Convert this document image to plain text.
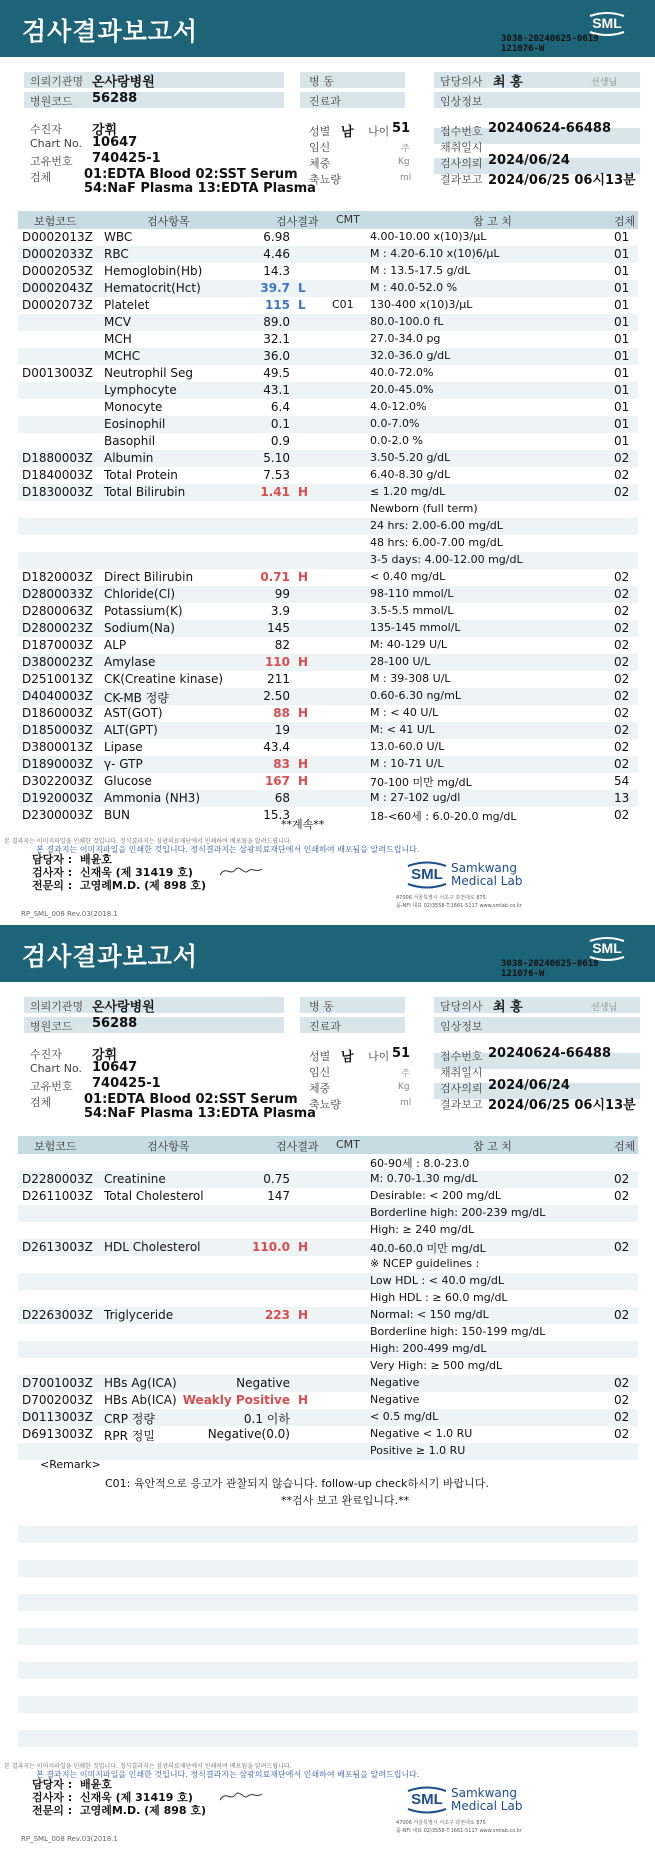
검사결과보고서	SML
3038-20240625-0619
121076-W
의뢰기관명 온사랑병원	병 동	담당의사 최 홍	선생님
병원코드 56288	진료과	임상정보
수진자 강휘
Chart No. 10647
고유번호 740425-1
검체	01:EDTA Blood 02:SST Serum
54:NaF Plasma 13:EDTA Plasma
성별 남 나이 51
임신	주
체중	Kg
축뇨량	ml
접수번호 20240624-66488
채취일시
검사의뢰 2024/06/24
결과보고 2024/06/25 06시13분
보험코드	검사항목	검사결과 CMT	참 고 치	검체
D0002013Z WBC	6.98	4.00-10.00 x(10)3/μL	01
D0002033Z RBC	4.46	M : 4.20-6.10 x(10)6/μL	01
D0002053Z Hemoglobin(Hb)	14.3	M : 13.5-17.5 g/dL	01
D0002043Z Hematocrit(Hct)	39.7 L	M : 40.0-52.0 %	01
D0002073Z Platelet	115 L C01 130-400 x(10)3/μL	01
MCV	89.0	80.0-100.0 fL	01
MCH	32.1	27.0-34.0 pg	01
MCHC	36.0	32.0-36.0 g/dL	01
D0013003Z Neutrophil Seg	49.5	40.0-72.0%	01
Lymphocyte	43.1	20.0-45.0%	01
Monocyte	6.4	4.0-12.0%	01
Eosinophil	0.1	0.0-7.0%	01
Basophil	0.9	0.0-2.0 %	01
D1880003Z Albumin	5.10	3.50-5.20 g/dL	02
D1840003Z Total Protein	7.53	6.40-8.30 g/dL	02
D1830003Z Total Bilirubin	1.41 H	≤ 1.20 mg/dL	02
Newborn (full term)
24 hrs: 2.00-6.00 mg/dL
48 hrs: 6.00-7.00 mg/dL
3-5 days: 4.00-12.00 mg/dL
D1820003Z Direct Bilirubin	0.71 H	< 0.40 mg/dL	02
D2800033Z Chloride(Cl)	99	98-110 mmol/L	02
D2800063Z Potassium(K)	3.9	3.5-5.5 mmol/L	02
D2800023Z Sodium(Na)	145	135-145 mmol/L	02
D1870003Z ALP	82	M: 40-129 U/L	02
D3800023Z Amylase	110 H	28-100 U/L	02
D2510013Z CK(Creatine kinase)	211	M : 39-308 U/L	02
D4040003Z CK-MB 정량	2.50	0.60-6.30 ng/mL	02
D1860003Z AST(GOT)	88 H	M : < 40 U/L	02
D1850003Z ALT(GPT)	19	M: < 41 U/L	02
D3800013Z Lipase	43.4	13.0-60.0 U/L	02
D1890003Z γ- GTP	83 H	M : 10-71 U/L	02
D3022003Z Glucose	167 H	70-100 미만 mg/dL	54
D1920003Z Ammonia (NH3)	68	M : 27-102 ug/dl	13
D2300003Z BUN	15.3	18-<60세 : 6.0-20.0 mg/dL	02
**계속**
본 결과지는 이미지파일을 인쇄한 것입니다. 정식결과지는 삼광의료재단에서 인쇄하여 배포됨을 알려드립니다.
본 결과지는 이미지파일을 인쇄한 것입니다. 정식결과지는 삼광의료재단에서 인쇄하여 배포됨을 알려드립니다.
담당자 : 배윤호
검사자 : 신재욱 (제 31419 호)
전문의 : 고영례M.D. (제 898 호)
RP_SML_008 Rev.03(2018.1
SML Samkwang
Medical Lab
47006 서울특별시 서초구 과천대로 875
품-NFI 대표 02)3558-T:1661-5117 www.smlab.co.kr
검사결과보고서	SML
3038-20240625-0619
121076-W
의뢰기관명 온사랑병원	병 동	담당의사 최 홍	선생님
병원코드 56288	진료과	임상정보
수진자 강휘
Chart No. 10647
고유번호 740425-1
검체	01:EDTA Blood 02:SST Serum
54:NaF Plasma 13:EDTA Plasma
성별 남 나이 51
임신	주
체중	Kg
축뇨량	ml
접수번호 20240624-66488
채취일시
검사의뢰 2024/06/24
결과보고 2024/06/25 06시13분
보험코드	검사항목	검사결과 CMT	참 고 치	검체
60-90세 : 8.0-23.0
D2280003Z Creatinine	0.75	M: 0.70-1.30 mg/dL	02
D2611003Z Total Cholesterol	147	Desirable: < 200 mg/dL	02
Borderline high: 200-239 mg/dL
High: ≥ 240 mg/dL
D2613003Z HDL Cholesterol	110.0 H	40.0-60.0 미만 mg/dL	02
※ NCEP guidelines :
Low HDL : < 40.0 mg/dL
High HDL : ≥ 60.0 mg/dL
D2263003Z Triglyceride	223 H	Normal: < 150 mg/dL	02
Borderline high: 150-199 mg/dL
High: 200-499 mg/dL
Very High: ≥ 500 mg/dL
D7001003Z HBs Ag(ICA)	Negative	Negative	02
D7002003Z HBs Ab(ICA) Weakly Positive H	Negative	02
D0113003Z CRP 정량	0.1 이하	< 0.5 mg/dL	02
D6913003Z RPR 정밀	Negative(0.0)	Negative < 1.0 RU	02
Positive ≥ 1.0 RU
<Remark>
C01: 육안적으로 응고가 관찰되지 않습니다. follow-up check하시기 바랍니다.
**검사 보고 완료입니다.**
본 결과지는 이미지파일을 인쇄한 것입니다. 정식결과지는 삼광의료재단에서 인쇄하여 배포됨을 알려드립니다.
본 결과지는 이미지파일을 인쇄한 것입니다. 정식결과지는 삼광의료재단에서 인쇄하여 배포됨을 알려드립니다.
담당자 : 배윤호
검사자 : 신재욱 (제 31419 호)
전문의 : 고영례M.D. (제 898 호)
RP_SML_008 Rev.03(2018.1
SML Samkwang
Medical Lab
47006 서울특별시 서초구 과천대로 875
품-NFI 대표 02)3558-T:1661-5117 www.smlab.co.kr
